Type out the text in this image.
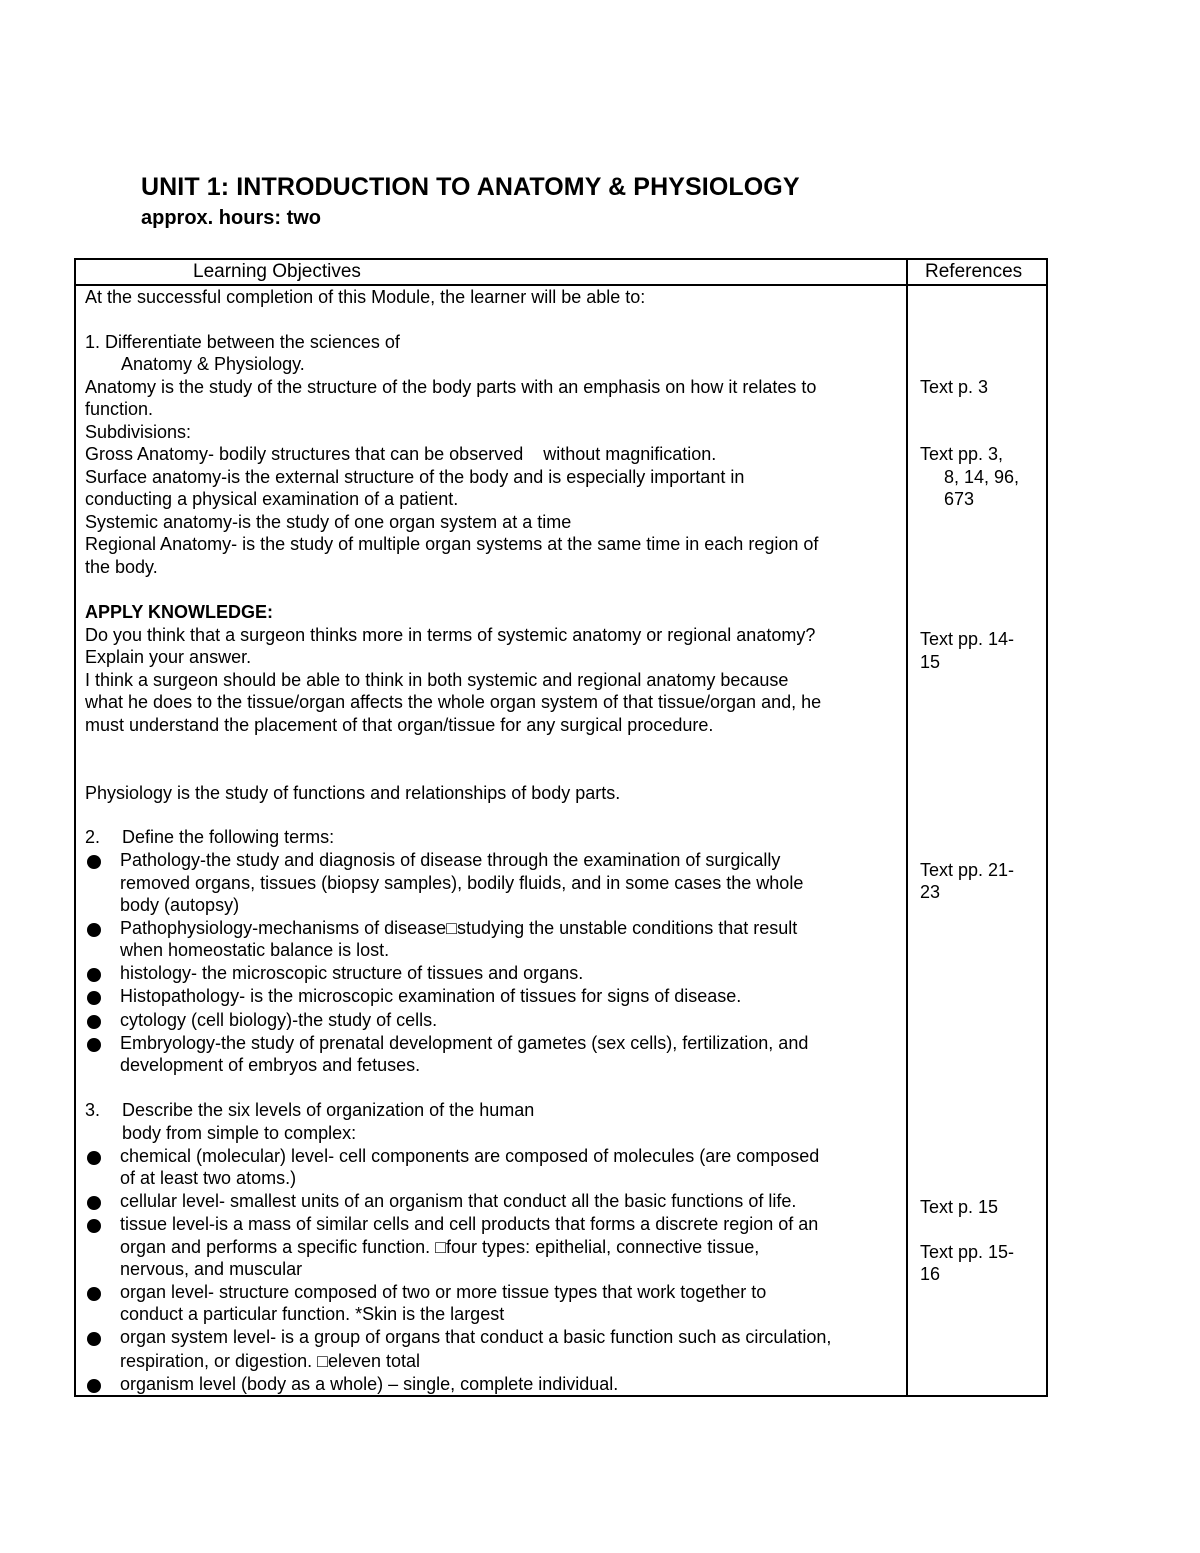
UNIT 1: INTRODUCTION TO ANATOMY & PHYSIOLOGY
approx. hours: two
Learning Objectives	References
At the successful completion of this Module, the learner will be able to:
1. Differentiate between the sciences of
Anatomy & Physiology.
Anatomy is the study of the structure of the body parts with an emphasis on how it relates to
function.
Subdivisions:
Gross Anatomy- bodily structures that can be observed    without magnification.
Surface anatomy-is the external structure of the body and is especially important in
conducting a physical examination of a patient.
Systemic anatomy-is the study of one organ system at a time
Regional Anatomy- is the study of multiple organ systems at the same time in each region of
the body.
APPLY KNOWLEDGE:
Do you think that a surgeon thinks more in terms of systemic anatomy or regional anatomy?
Explain your answer.
I think a surgeon should be able to think in both systemic and regional anatomy because
what he does to the tissue/organ affects the whole organ system of that tissue/organ and, he
must understand the placement of that organ/tissue for any surgical procedure.
Physiology is the study of functions and relationships of body parts.
2. Define the following terms:
Pathology-the study and diagnosis of disease through the examination of surgically
removed organs, tissues (biopsy samples), bodily fluids, and in some cases the whole
body (autopsy)
Pathophysiology-mechanisms of disease□studying the unstable conditions that result
when homeostatic balance is lost.
histology- the microscopic structure of tissues and organs.
Histopathology- is the microscopic examination of tissues for signs of disease.
cytology (cell biology)-the study of cells.
Embryology-the study of prenatal development of gametes (sex cells), fertilization, and
development of embryos and fetuses.
3. Describe the six levels of organization of the human
body from simple to complex:
chemical (molecular) level- cell components are composed of molecules (are composed
of at least two atoms.)
cellular level- smallest units of an organism that conduct all the basic functions of life.
tissue level-is a mass of similar cells and cell products that forms a discrete region of an
organ and performs a specific function. □four types: epithelial, connective tissue,
nervous, and muscular
organ level- structure composed of two or more tissue types that work together to
conduct a particular function. *Skin is the largest
organ system level- is a group of organs that conduct a basic function such as circulation,
respiration, or digestion. □eleven total
organism level (body as a whole) – single, complete individual.
Text p. 3
Text pp. 3,
8, 14, 96,
673
Text pp. 14-
15
Text pp. 21-
23
Text p. 15
Text pp. 15-
16
